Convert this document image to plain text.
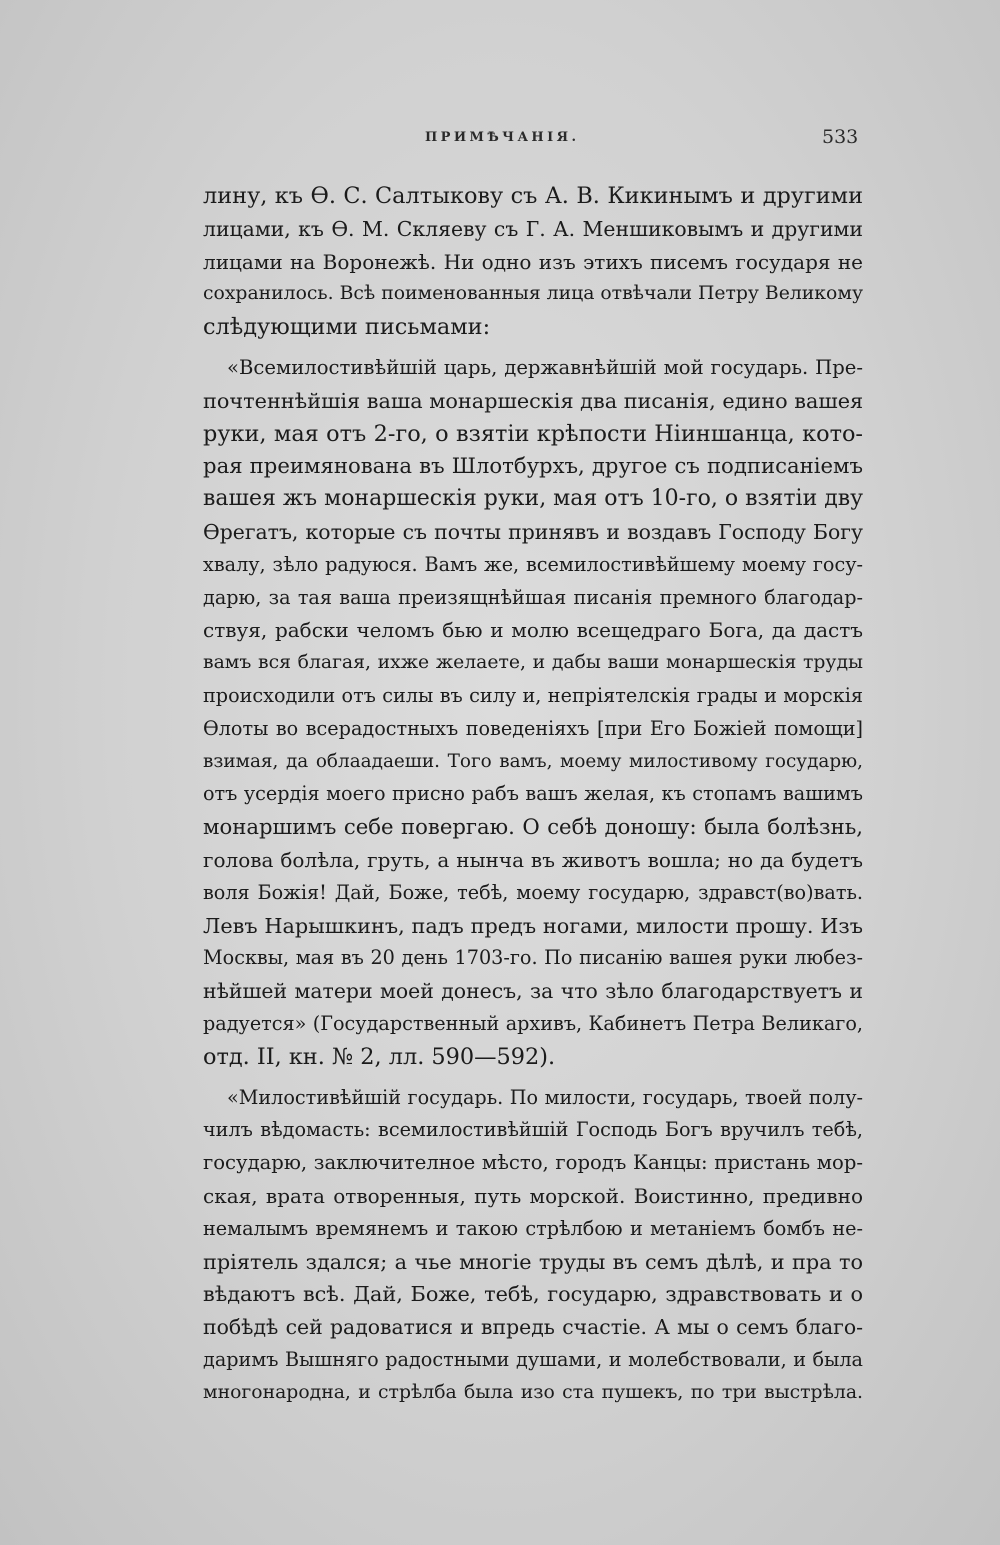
ПРИМѢЧАНІЯ.	533
лину, къ Ѳ. С. Салтыкову съ А. В. Кикинымъ и другими
лицами, къ Ѳ. М. Скляеву съ Г. А. Меншиковымъ и другими
лицами на Воронежѣ. Ни одно изъ этихъ писемъ государя не
сохранилось. Всѣ поименованныя лица отвѣчали Петру Великому
слѣдующими письмами:
«Всемилостивѣйшій царь, державнѣйшій мой государь. Пре-
почтеннѣйшія ваша монаршескія два писанія, едино вашея
руки, мая отъ 2-го, о взятіи крѣпости Ніиншанца, кото-
рая преимянована въ Шлотбурхъ, другое съ подписаніемъ
вашея жъ монаршескія руки, мая отъ 10-го, о взятіи дву
Ѳрегатъ, которые съ почты принявъ и воздавъ Господу Богу
хвалу, зѣло радуюся. Вамъ же, всемилостивѣйшему моему госу-
дарю, за тая ваша преизящнѣйшая писанія премного благодар-
ствуя, рабски челомъ бью и молю всещедраго Бога, да дастъ
вамъ вся благая, ихже желаете, и дабы ваши монаршескія труды
происходили отъ силы въ силу и, непріятелскія грады и морскія
Ѳлоты во всерадостныхъ поведеніяхъ [при Его Божіей помощи]
взимая, да облаадаеши. Того вамъ, моему милостивому государю,
отъ усердія моего присно рабъ вашъ желая, къ стопамъ вашимъ
монаршимъ себе повергаю. О себѣ доношу: была болѣзнь,
голова болѣла, груть, а нынча въ животъ вошла; но да будетъ
воля Божія! Дай, Боже, тебѣ, моему государю, здравст(во)вать.
Левъ Нарышкинъ, падъ предъ ногами, милости прошу. Изъ
Москвы, мая въ 20 день 1703-го. По писанію вашея руки любез-
нѣйшей матери моей донесъ, за что зѣло благодарствуетъ и
радуется» (Государственный архивъ, Кабинетъ Петра Великаго,
отд. II, кн. № 2, лл. 590—592).
«Милостивѣйшій государь. По милости, государь, твоей полу-
чилъ вѣдомасть: всемилостивѣйшій Господь Богъ вручилъ тебѣ,
государю, заключителное мѣсто, городъ Канцы: пристань мор-
ская, врата отворенныя, путь морской. Воистинно, предивно
немалымъ времянемъ и такою стрѣлбою и метаніемъ бомбъ не-
пріятель здался; а чье многіе труды въ семъ дѣлѣ, и пра то
вѣдаютъ всѣ. Дай, Боже, тебѣ, государю, здравствовать и о
побѣдѣ сей радоватися и впредь счастіе. А мы о семъ благо-
даримъ Вышняго радостными душами, и молебствовали, и была
многонародна, и стрѣлба была изо ста пушекъ, по три выстрѣла.
